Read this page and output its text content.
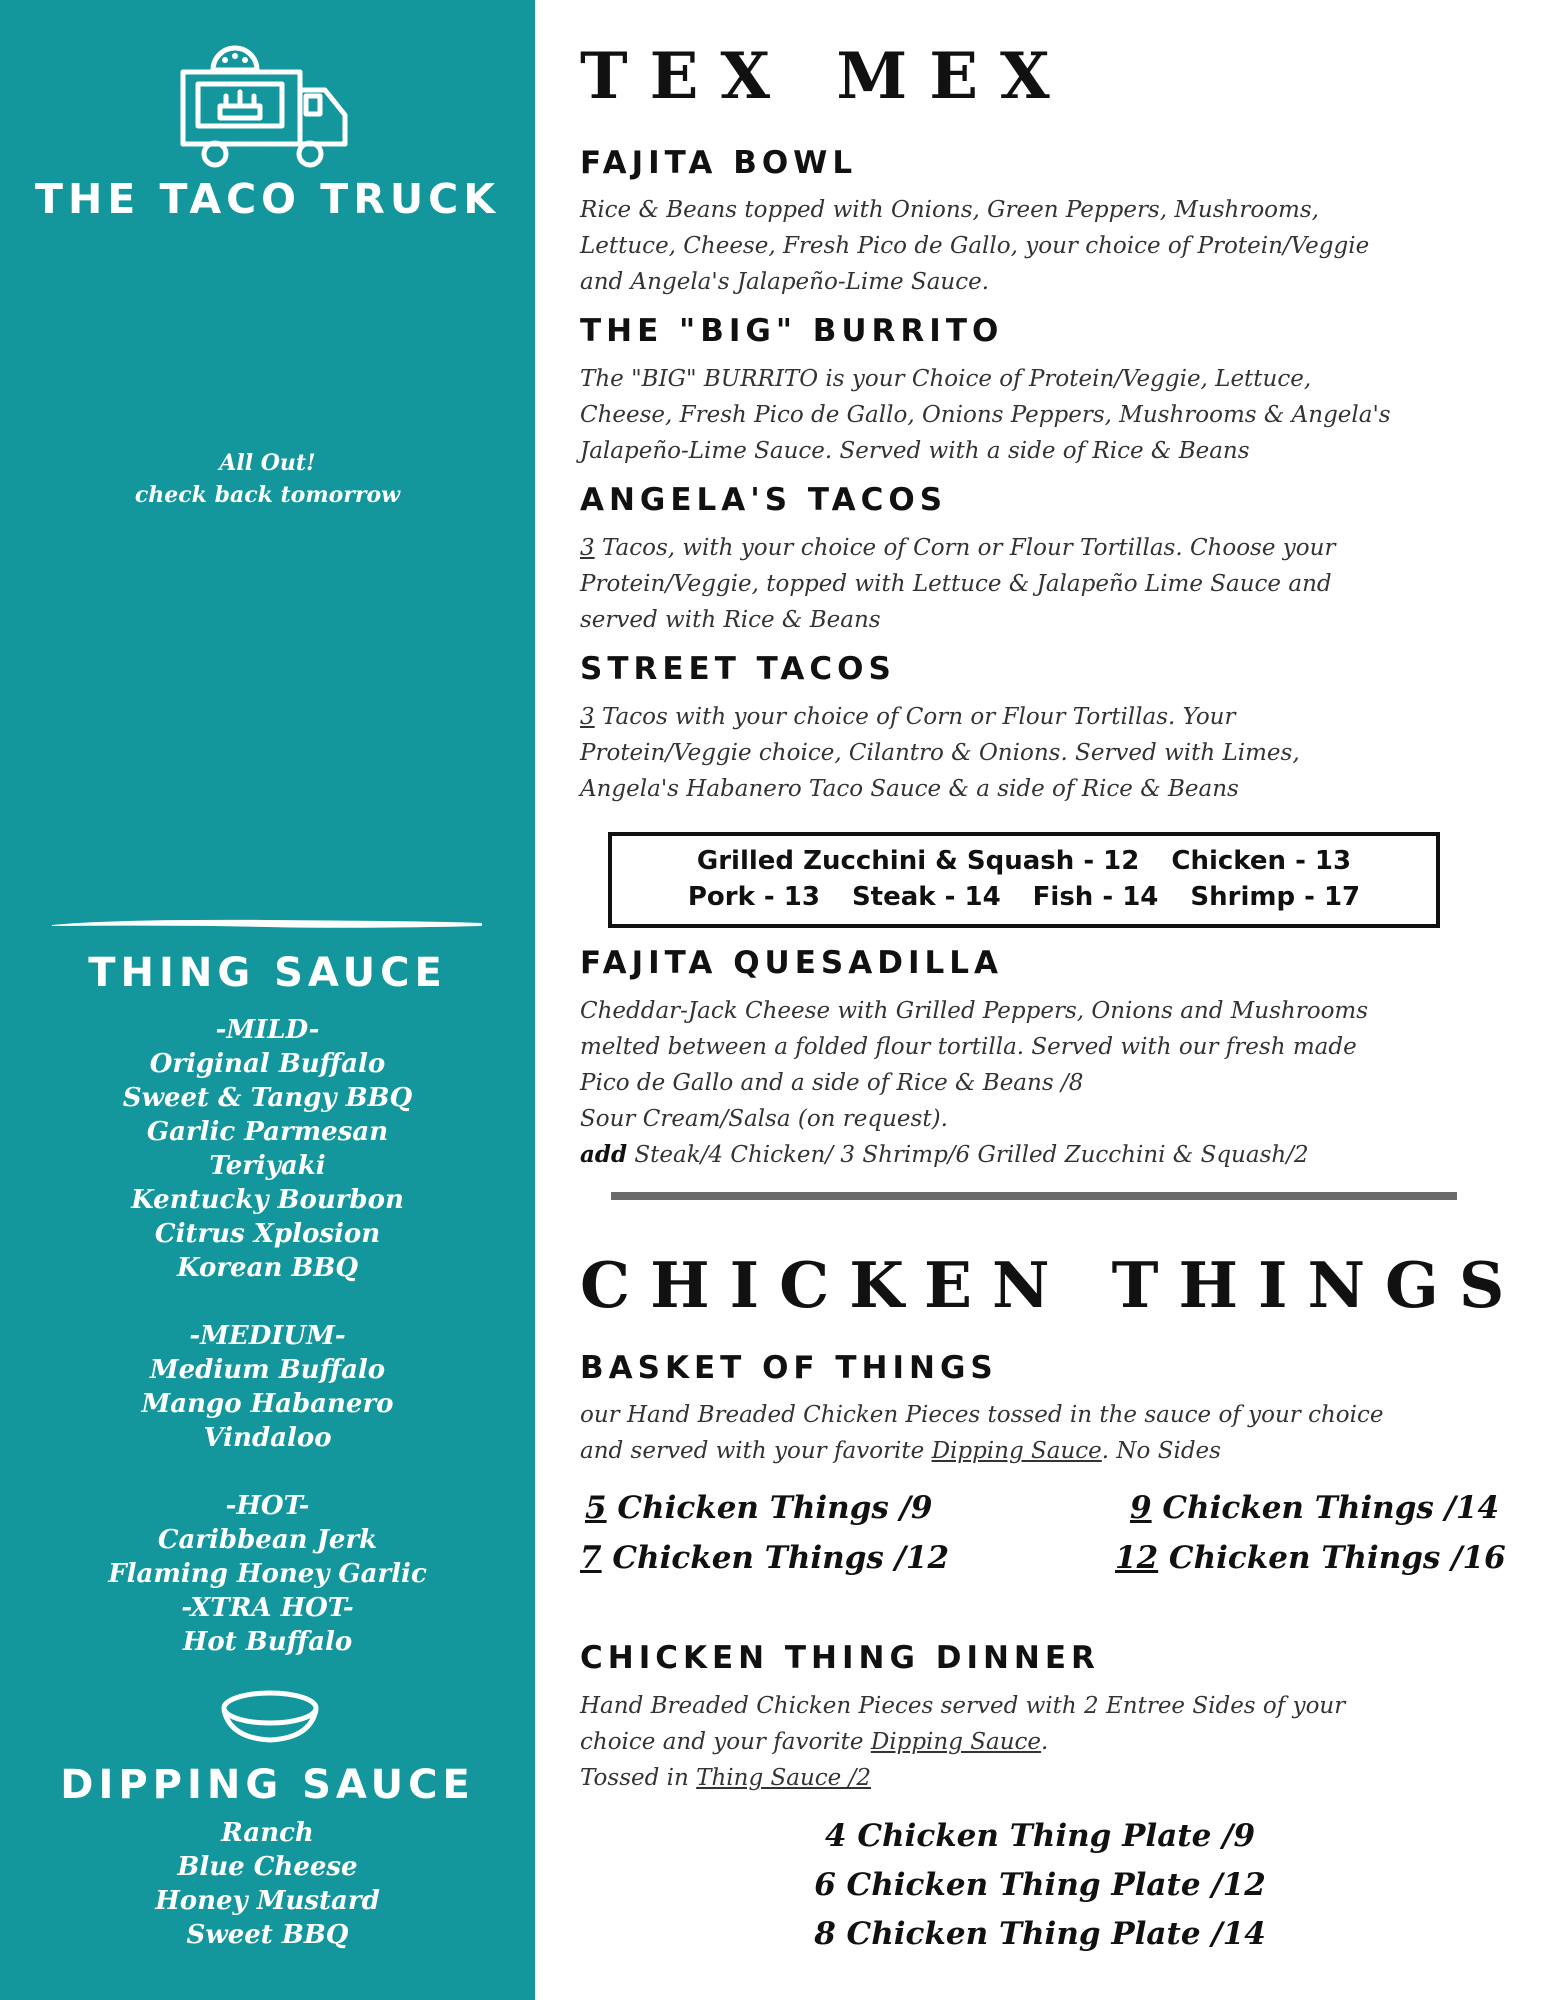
THE TACO TRUCK
All Out!
check back tomorrow
THING SAUCE
-MILD-
Original Buffalo
Sweet & Tangy BBQ
Garlic Parmesan
Teriyaki
Kentucky Bourbon
Citrus Xplosion
Korean BBQ
-MEDIUM-
Medium Buffalo
Mango Habanero
Vindaloo
-HOT-
Caribbean Jerk
Flaming Honey Garlic
-XTRA HOT-
Hot Buffalo
DIPPING SAUCE
Ranch
Blue Cheese
Honey Mustard
Sweet BBQ
TEX MEX
FAJITA BOWL
Rice & Beans topped with Onions, Green Peppers, Mushrooms,
Lettuce, Cheese, Fresh Pico de Gallo, your choice of Protein/Veggie
and Angela's Jalapeño-Lime Sauce.
THE "BIG" BURRITO
The "BIG" BURRITO is your Choice of Protein/Veggie, Lettuce,
Cheese, Fresh Pico de Gallo, Onions Peppers, Mushrooms & Angela's
Jalapeño-Lime Sauce. Served with a side of Rice & Beans
ANGELA'S TACOS
3 Tacos, with your choice of Corn or Flour Tortillas. Choose your
Protein/Veggie, topped with Lettuce & Jalapeño Lime Sauce and
served with Rice & Beans
STREET TACOS
3 Tacos with your choice of Corn or Flour Tortillas. Your
Protein/Veggie choice, Cilantro & Onions. Served with Limes,
Angela's Habanero Taco Sauce & a side of Rice & Beans
Grilled Zucchini & Squash - 12 Chicken - 13
Pork - 13 Steak - 14 Fish - 14 Shrimp - 17
FAJITA QUESADILLA
Cheddar-Jack Cheese with Grilled Peppers, Onions and Mushrooms
melted between a folded flour tortilla. Served with our fresh made
Pico de Gallo and a side of Rice & Beans /8
Sour Cream/Salsa (on request).
add Steak/4 Chicken/ 3 Shrimp/6 Grilled Zucchini & Squash/2
CHICKEN THINGS
BASKET OF THINGS
our Hand Breaded Chicken Pieces tossed in the sauce of your choice
and served with your favorite Dipping Sauce. No Sides
5 Chicken Things /9
7 Chicken Things /12
9 Chicken Things /14
12 Chicken Things /16
CHICKEN THING DINNER
Hand Breaded Chicken Pieces served with 2 Entree Sides of your
choice and your favorite Dipping Sauce.
Tossed in Thing Sauce /2
4 Chicken Thing Plate /9
6 Chicken Thing Plate /12
8 Chicken Thing Plate /14
